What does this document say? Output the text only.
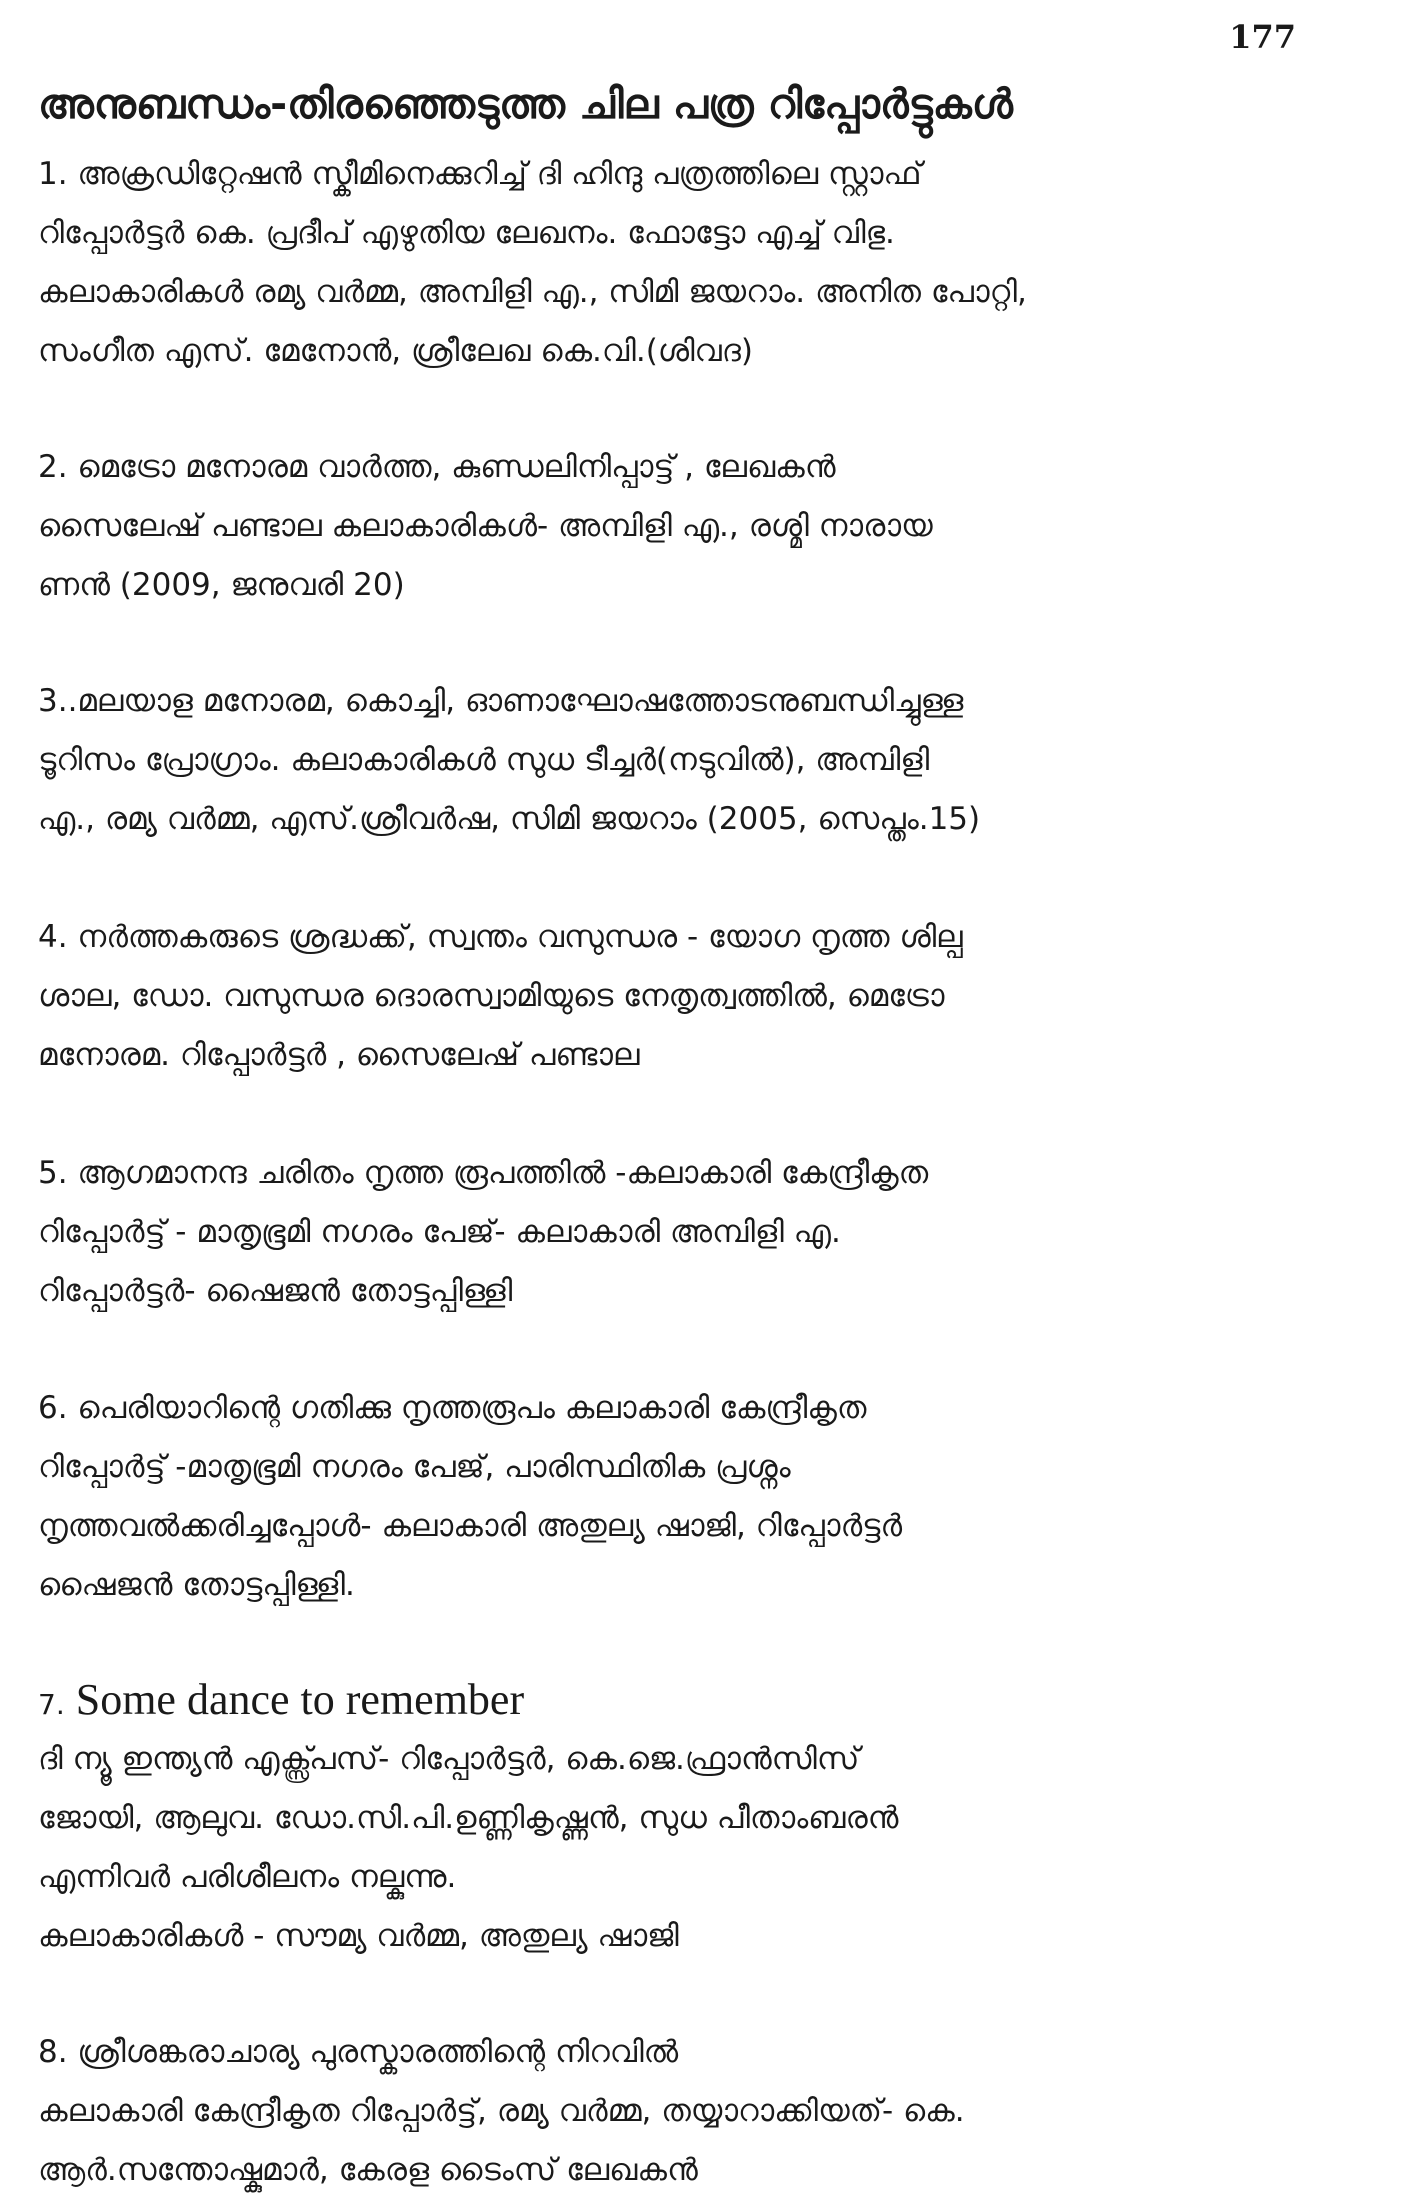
177
അനുബന്ധം-തിരഞ്ഞെടുത്ത ചില പത്ര റിപ്പോർട്ടുകൾ
1. അക്രഡിറ്റേഷൻ സ്കീമിനെക്കുറിച്ച് ദി ഹിന്ദു പത്രത്തിലെ സ്റ്റാഫ്
റിപ്പോർട്ടർ കെ. പ്രദീപ് എഴുതിയ ലേഖനം. ഫോട്ടോ എച്ച് വിഭു.
കലാകാരികൾ രമ്യ വർമ്മ, അമ്പിളി എ., സിമി ജയറാം. അനിത പോറ്റി,
സംഗീത എസ്. മേനോൻ, ശ്രീലേഖ കെ.വി.(ശിവദ)
2. മെട്രോ മനോരമ വാർത്ത, കുണ്ഡലിനിപ്പാട്ട് , ലേഖകൻ
സൈലേഷ് പണ്ടാല കലാകാരികൾ- അമ്പിളി എ., രശ്മി നാരായ
ണൻ (2009, ജനുവരി 20)
3..മലയാള മനോരമ, കൊച്ചി, ഓണാഘോഷത്തോടനുബന്ധിച്ചുള്ള
ടൂറിസം പ്രോഗ്രാം. കലാകാരികൾ സുധ ടീച്ചർ(നടുവിൽ), അമ്പിളി
എ., രമ്യ വർമ്മ, എസ്.ശ്രീവർഷ, സിമി ജയറാം (2005, സെപ്തം.15)
4. നർത്തകരുടെ ശ്രദ്ധക്ക്, സ്വന്തം വസുന്ധര - യോഗ നൃത്ത ശില്പ
ശാല, ഡോ. വസുന്ധര ദൊരസ്വാമിയുടെ നേതൃത്വത്തിൽ, മെട്രോ
മനോരമ. റിപ്പോർട്ടർ , സൈലേഷ് പണ്ടാല
5. ആഗമാനന്ദ ചരിതം നൃത്ത രൂപത്തിൽ -കലാകാരി കേന്ദ്രീകൃത
റിപ്പോർട്ട് - മാതൃഭൂമി നഗരം പേജ്- കലാകാരി അമ്പിളി എ.
റിപ്പോർട്ടർ- ഷൈജൻ തോട്ടപ്പിള്ളി
6. പെരിയാറിന്റെ ഗതിക്കു നൃത്തരൂപം കലാകാരി കേന്ദ്രീകൃത
റിപ്പോർട്ട് -മാതൃഭൂമി നഗരം പേജ്, പാരിസ്ഥിതിക പ്രശ്നം
നൃത്തവൽക്കരിച്ചപ്പോൾ- കലാകാരി അതുല്യ ഷാജി, റിപ്പോർട്ടർ
ഷൈജൻ തോട്ടപ്പിള്ളി.
7. Some dance to remember
ദി ന്യൂ ഇന്ത്യൻ എക്സ്പ്രസ്- റിപ്പോർട്ടർ, കെ.ജെ.ഫ്രാൻസിസ്
ജോയി, ആലുവ. ഡോ.സി.പി.ഉണ്ണികൃഷ്ണൻ, സുധ പീതാംബരൻ
എന്നിവർ പരിശീലനം നല്കുന്നു.
കലാകാരികൾ - സൗമ്യ വർമ്മ, അതുല്യ ഷാജി
8. ശ്രീശങ്കരാചാര്യ പുരസ്കാരത്തിന്റെ നിറവിൽ
കലാകാരി കേന്ദ്രീകൃത റിപ്പോർട്ട്, രമ്യ വർമ്മ, തയ്യാറാക്കിയത്- കെ.
ആർ.സന്തോഷ്കുമാർ, കേരള ടൈംസ് ലേഖകൻ
